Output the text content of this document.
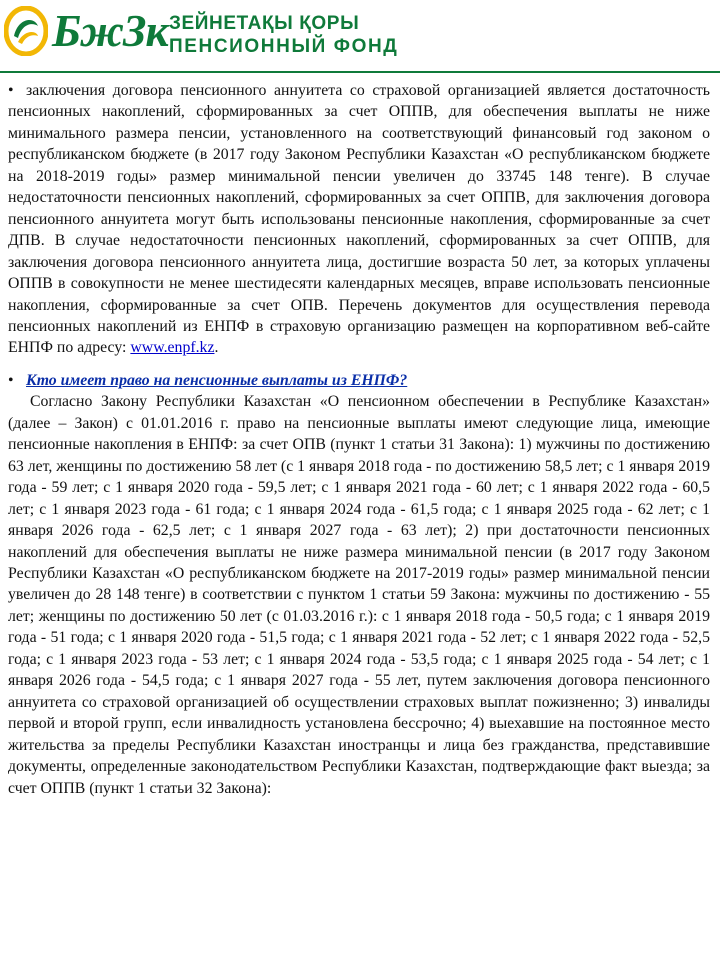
БжЗк ЗЕЙНЕТАҚЫ ҚОРЫ
ПЕНСИОННЫЙ ФОНД

• заключения договора пенсионного аннуитета со страховой организацией является достаточность пенсионных накоплений, сформированных за счет ОППВ, для обеспечения выплаты не ниже минимального размера пенсии, установленного на соответствующий финансовый год законом о республиканском бюджете (в 2017 году Законом Республики Казахстан «О республиканском бюджете на 2018-2019 годы» размер минимальной пенсии увеличен до 33745 148 тенге). В случае недостаточности пенсионных накоплений, сформированных за счет ОППВ, для заключения договора пенсионного аннуитета могут быть использованы пенсионные накопления, сформированные за счет ДПВ. В случае недостаточности пенсионных накоплений, сформированных за счет ОППВ, для заключения договора пенсионного аннуитета лица, достигшие возраста 50 лет, за которых уплачены ОППВ в совокупности не менее шестидесяти календарных месяцев, вправе использовать пенсионные накопления, сформированные за счет ОПВ. Перечень документов для осуществления перевода пенсионных накоплений из ЕНПФ в страховую организацию размещен на корпоративном веб-сайте ЕНПФ по адресу: www.enpf.kz.

• Кто имеет право на пенсионные выплаты из ЕНПФ?

Согласно Закону Республики Казахстан «О пенсионном обеспечении в Республике Казахстан» (далее – Закон) с 01.01.2016 г. право на пенсионные выплаты имеют следующие лица, имеющие пенсионные накопления в ЕНПФ: за счет ОПВ (пункт 1 статьи 31 Закона): 1) мужчины по достижению 63 лет, женщины по достижению 58 лет (с 1 января 2018 года - по достижению 58,5 лет; с 1 января 2019 года - 59 лет; с 1 января 2020 года - 59,5 лет; с 1 января 2021 года - 60 лет; с 1 января 2022 года - 60,5 лет; с 1 января 2023 года - 61 года; с 1 января 2024 года - 61,5 года; с 1 января 2025 года - 62 лет; с 1 января 2026 года - 62,5 лет; с 1 января 2027 года - 63 лет); 2) при достаточности пенсионных накоплений для обеспечения выплаты не ниже размера минимальной пенсии (в 2017 году Законом Республики Казахстан «О республиканском бюджете на 2017-2019 годы» размер минимальной пенсии увеличен до 28 148 тенге) в соответствии с пунктом 1 статьи 59 Закона: мужчины по достижению - 55 лет; женщины по достижению 50 лет (с 01.03.2016 г.): с 1 января 2018 года - 50,5 года; с 1 января 2019 года - 51 года; с 1 января 2020 года - 51,5 года; с 1 января 2021 года - 52 лет; с 1 января 2022 года - 52,5 года; с 1 января 2023 года - 53 лет; с 1 января 2024 года - 53,5 года; с 1 января 2025 года - 54 лет; с 1 января 2026 года - 54,5 года; с 1 января 2027 года - 55 лет, путем заключения договора пенсионного аннуитета со страховой организацией об осуществлении страховых выплат пожизненно; 3) инвалиды первой и второй групп, если инвалидность установлена бессрочно; 4) выехавшие на постоянное место жительства за пределы Республики Казахстан иностранцы и лица без гражданства, представившие документы, определенные законодательством Республики Казахстан, подтверждающие факт выезда; за счет ОППВ (пункт 1 статьи 32 Закона):
